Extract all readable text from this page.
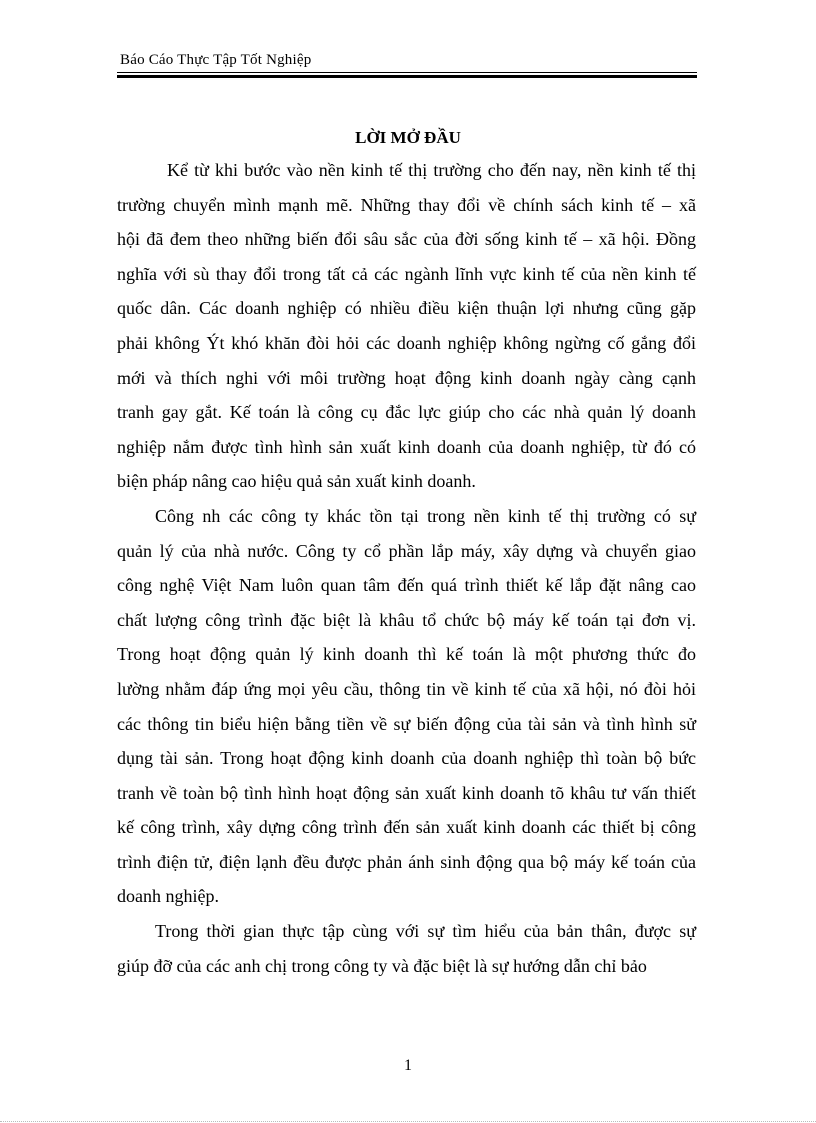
Báo Cáo Thực Tập Tốt Nghiệp
LỜI MỞ ĐẦU
Kể từ khi bước vào nền kinh tế thị trường cho đến nay, nền kinh tế thị
trường chuyển mình mạnh mẽ. Những thay đổi về chính sách kinh tế – xã
hội đã đem theo những biến đổi sâu sắc của đời sống kinh tế – xã hội. Đồng
nghĩa với sù thay đổi trong tất cả các ngành lĩnh vực kinh tế của nền kinh tế
quốc dân. Các doanh nghiệp có nhiều điều kiện thuận lợi nhưng cũng gặp
phải không Ýt khó khăn đòi hỏi các doanh nghiệp không ngừng cố gắng đổi
mới và thích nghi với môi trường hoạt động kinh doanh ngày càng cạnh
tranh gay gắt. Kế toán là công cụ đắc lực giúp cho các nhà quản lý doanh
nghiệp nắm được tình hình sản xuất kinh doanh của doanh nghiệp, từ đó có
biện pháp nâng cao hiệu quả sản xuất kinh doanh.
Công nh các công ty khác tồn tại trong nền kinh tế thị trường có sự
quản lý của nhà nước. Công ty cổ phần lắp máy, xây dựng và chuyển giao
công nghệ Việt Nam luôn quan tâm đến quá trình thiết kế lắp đặt nâng cao
chất lượng công trình đặc biệt là khâu tổ chức bộ máy kế toán tại đơn vị.
Trong hoạt động quản lý kinh doanh thì kế toán là một phương thức đo
lường nhằm đáp ứng mọi yêu cầu, thông tin về kinh tế của xã hội, nó đòi hỏi
các thông tin biểu hiện bằng tiền về sự biến động của tài sản và tình hình sử
dụng tài sản. Trong hoạt động kinh doanh của doanh nghiệp thì toàn bộ bức
tranh về toàn bộ tình hình hoạt động sản xuất kinh doanh tõ khâu tư vấn thiết
kế công trình, xây dựng công trình đến sản xuất kinh doanh các thiết bị công
trình điện tử, điện lạnh đều được phản ánh sinh động qua bộ máy kế toán của
doanh nghiệp.
Trong thời gian thực tập cùng với sự tìm hiểu của bản thân, được sự
giúp đỡ của các anh chị trong công ty và đặc biệt là sự hướng dẫn chỉ bảo
1
